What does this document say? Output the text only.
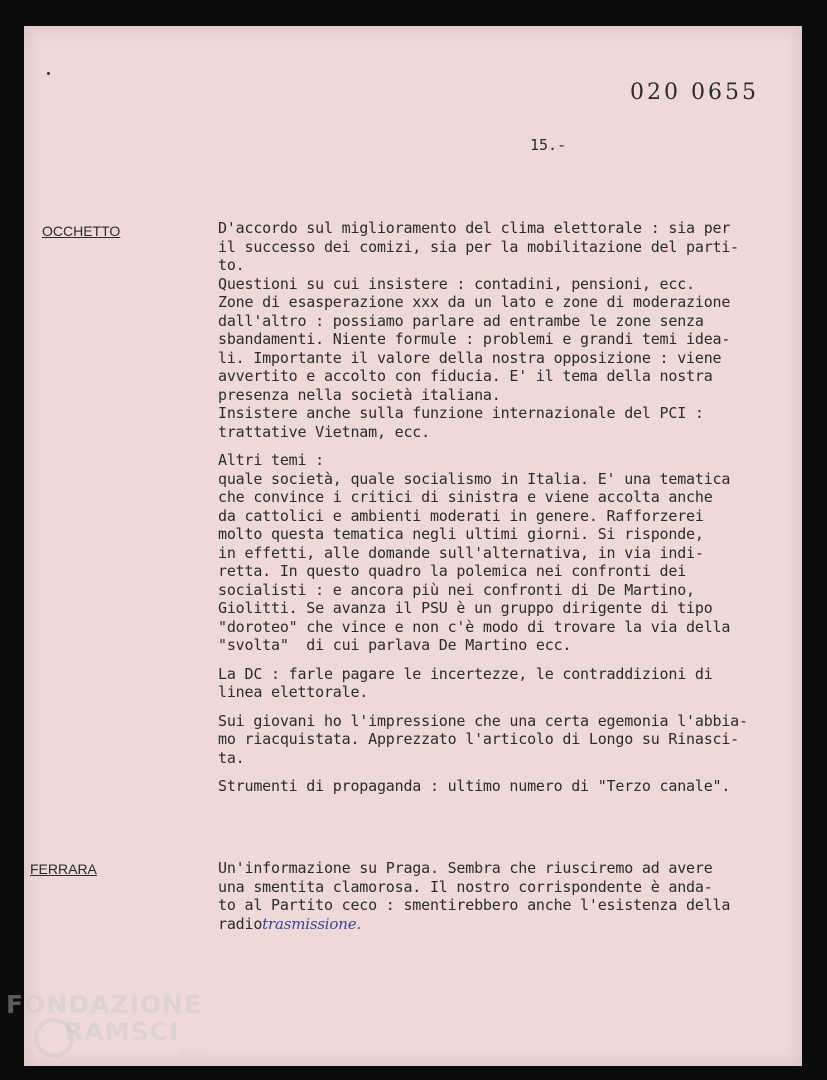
020 0655
15.-
OCCHETTO	D'accordo sul miglioramento del clima elettorale : sia per
il successo dei comizi, sia per la mobilitazione del parti-
to.
Questioni su cui insistere : contadini, pensioni, ecc.
Zone di esasperazione xxx da un lato e zone di moderazione
dall'altro : possiamo parlare ad entrambe le zone senza
sbandamenti. Niente formule : problemi e grandi temi idea-
li. Importante il valore della nostra opposizione : viene
avvertito e accolto con fiducia. E' il tema della nostra
presenza nella società italiana.
Insistere anche sulla funzione internazionale del PCI :
trattative Vietnam, ecc.
Altri temi :
quale società, quale socialismo in Italia. E' una tematica
che convince i critici di sinistra e viene accolta anche
da cattolici e ambienti moderati in genere. Rafforzerei
molto questa tematica negli ultimi giorni. Si risponde,
in effetti, alle domande sull'alternativa, in via indi-
retta. In questo quadro la polemica nei confronti dei
socialisti : e ancora più nei confronti di De Martino,
Giolitti. Se avanza il PSU è un gruppo dirigente di tipo
"doroteo" che vince e non c'è modo di trovare la via della
"svolta"  di cui parlava De Martino ecc.
La DC : farle pagare le incertezze, le contraddizioni di
linea elettorale.
Sui giovani ho l'impressione che una certa egemonia l'abbia-
mo riacquistata. Apprezzato l'articolo di Longo su Rinasci-
ta.
Strumenti di propaganda : ultimo numero di "Terzo canale".
FERRARA	Un'informazione su Praga. Sembra che riusciremo ad avere
una smentita clamorosa. Il nostro corrispondente è anda-
to al Partito ceco : smentirebbero anche l'esistenza della
radiotrasmissione.
FONDAZIONE
RAMSCI
onlus
